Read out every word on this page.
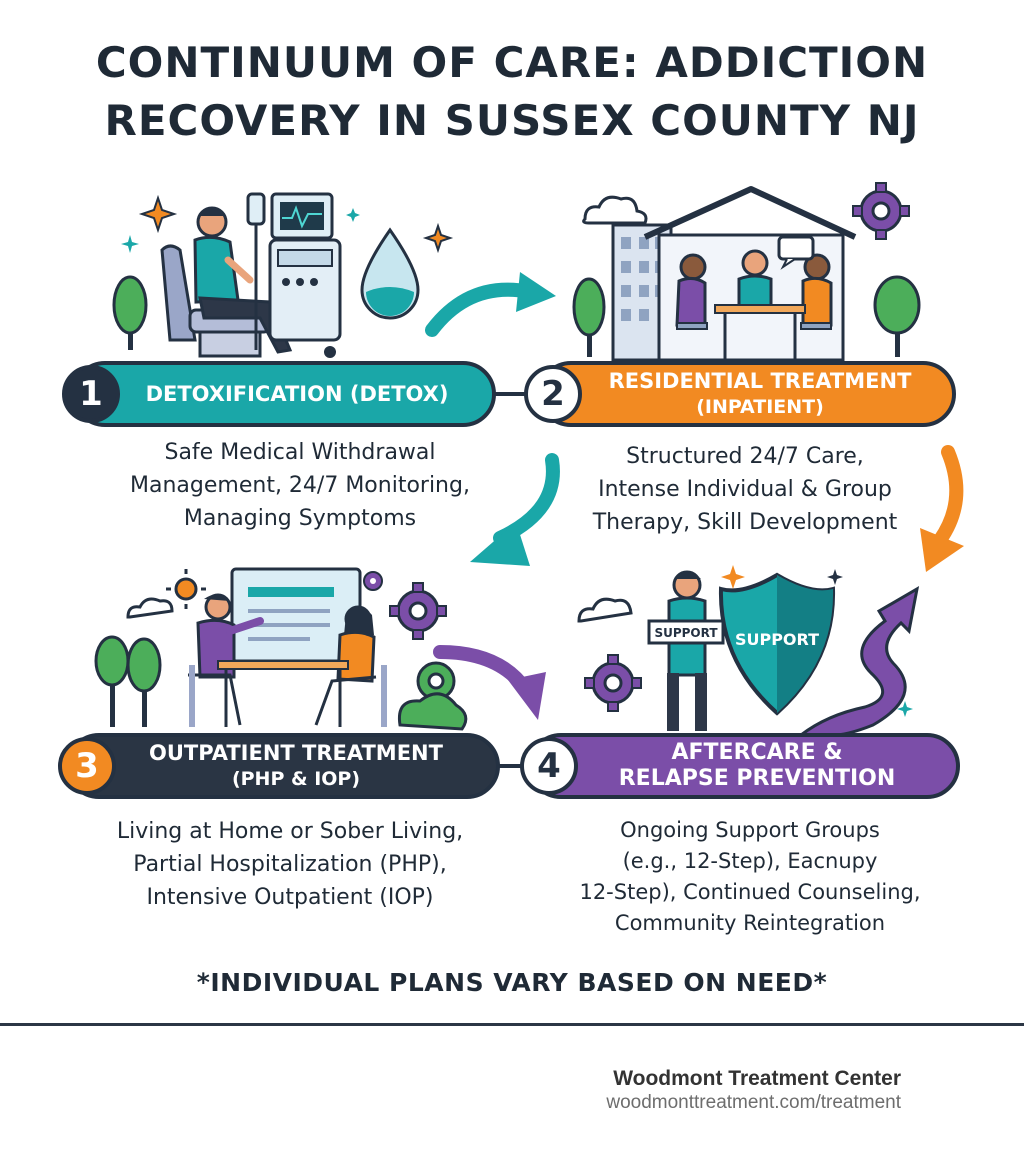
CONTINUUM OF CARE: ADDICTION
RECOVERY IN SUSSEX COUNTY NJ
SUPPORT SUPPORT
DETOXIFICATION (DETOX)
1	RESIDENTIAL TREATMENT
(INPATIENT)
2
OUTPATIENT TREATMENT
(PHP & IOP)
3	AFTERCARE &
RELAPSE PREVENTION
4
Safe Medical Withdrawal
Management, 24/7 Monitoring,
Managing Symptoms
Structured 24/7 Care,
Intense Individual & Group
Therapy, Skill Development
Living at Home or Sober Living,
Partial Hospitalization (PHP),
Intensive Outpatient (IOP)
Ongoing Support Groups
(e.g., 12-Step), Eacnupy
12-Step), Continued Counseling,
Community Reintegration
*INDIVIDUAL PLANS VARY BASED ON NEED*
Woodmont Treatment Center
woodmonttreatment.com/treatment
